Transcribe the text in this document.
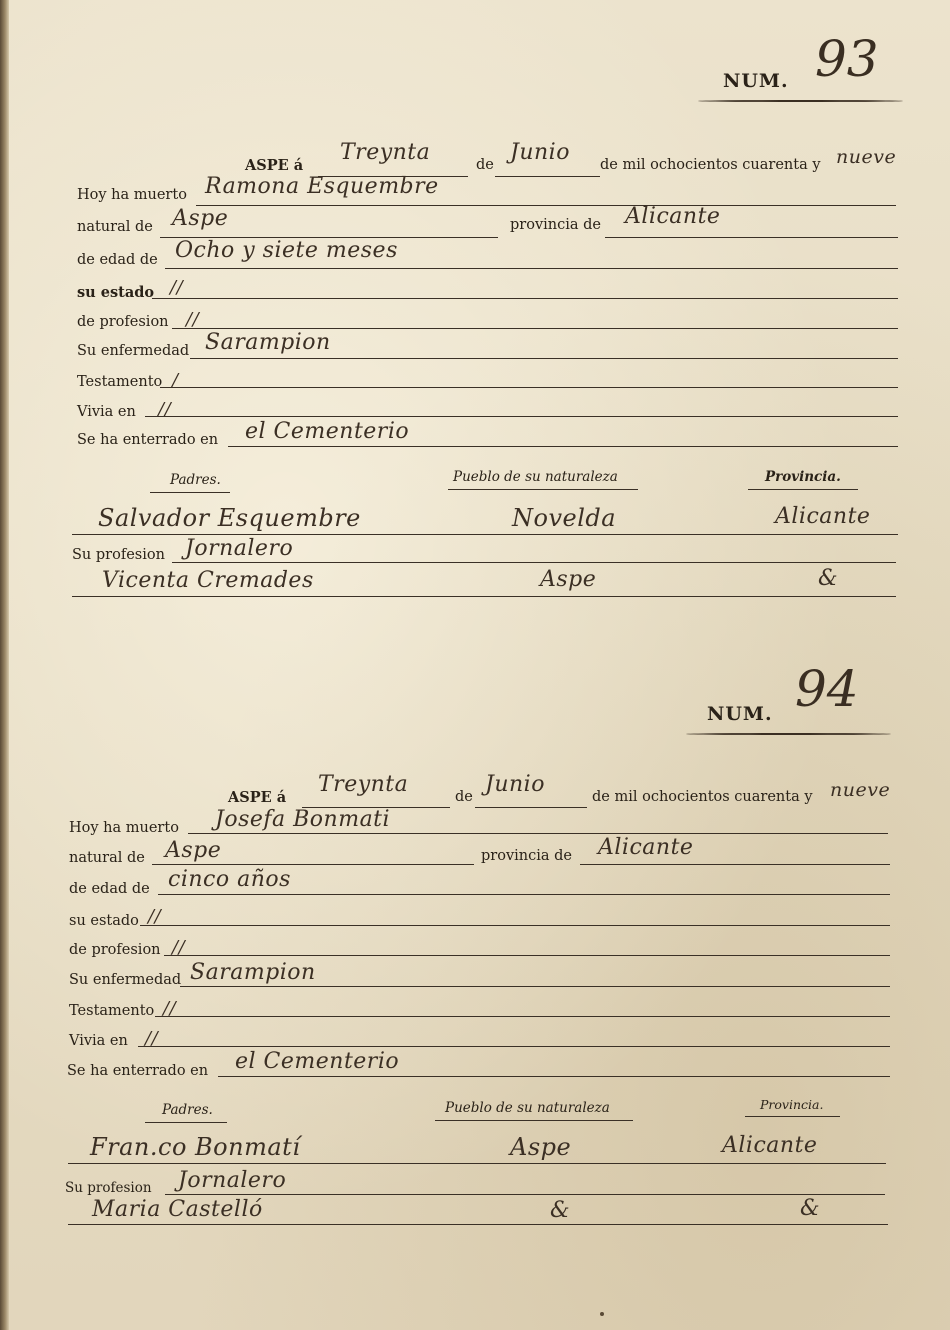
NUM. 93
ASPE á
Treynta	de Junio de mil ochocientos cuarenta y nueve
Hoy ha muerto Ramona Esquembre
natural de Aspe	provincia de Alicante
de edad de Ocho y siete meses
su estado //
de profesion //
Su enfermedad Sarampion
Testamento /
Vivia en //
Se ha enterrado en el Cementerio
Padres.	Pueblo de su naturaleza	Provincia.
Salvador Esquembre	Novelda	Alicante
Su profesion Jornalero
Vicenta Cremades	Aspe	&
NUM. 94
ASPE á
Treynta	de Junio	de mil ochocientos cuarenta y nueve
Hoy ha muerto Josefa Bonmati
natural de Aspe	provincia de Alicante
de edad de cinco años
su estado //
de profesion //
Su enfermedad Sarampion
Testamento //
Vivia en //
Se ha enterrado en el Cementerio
Padres.	Pueblo de su naturaleza	Provincia.
Fran.co Bonmatí	Aspe	Alicante
Su profesion Jornalero
Maria Castelló	&	&
